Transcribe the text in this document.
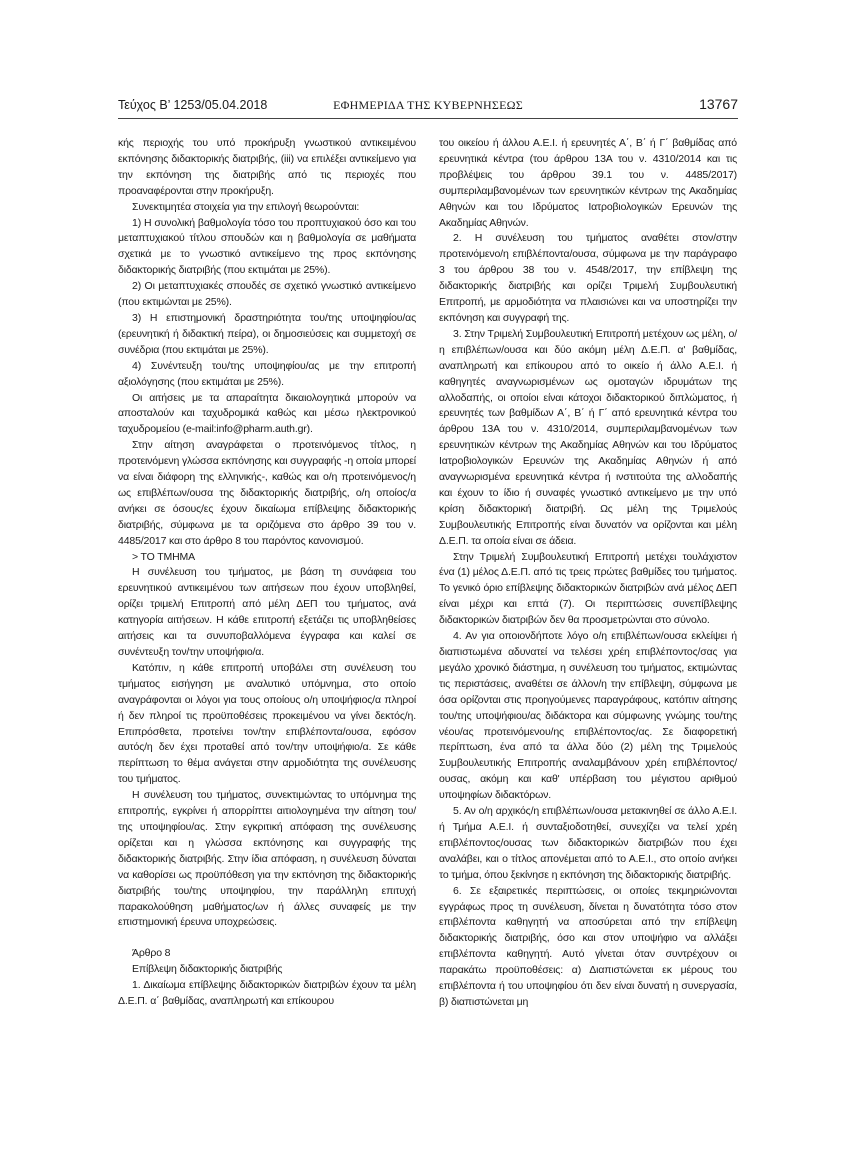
Τεύχος Β’ 1253/05.04.2018	ΕΦΗΜΕΡΙΔΑ ΤΗΣ ΚΥΒΕΡΝΗΣΕΩΣ	13767

κής περιοχής του υπό προκήρυξη γνωστικού αντικειμένου εκπόνησης διδακτορικής διατριβής, (iii) να επιλέξει αντικείμενο για την εκπόνηση της διατριβής από τις περιοχές που προαναφέρονται στην προκήρυξη.

Συνεκτιμητέα στοιχεία για την επιλογή θεωρούνται:

1) Η συνολική βαθμολογία τόσο του προπτυχιακού όσο και του μεταπτυχιακού τίτλου σπουδών και η βαθμολογία σε μαθήματα σχετικά με το γνωστικό αντικείμενο της προς εκπόνησης διδακτορικής διατριβής (που εκτιμάται με 25%).

2) Οι μεταπτυχιακές σπουδές σε σχετικό γνωστικό αντικείμενο (που εκτιμώνται με 25%).

3) Η επιστημονική δραστηριότητα του/της υποψηφίου/ας (ερευνητική ή διδακτική πείρα), οι δημοσιεύσεις και συμμετοχή σε συνέδρια (που εκτιμάται με 25%).

4) Συνέντευξη του/της υποψηφίου/ας με την επιτροπή αξιολόγησης (που εκτιμάται με 25%).

Οι αιτήσεις με τα απαραίτητα δικαιολογητικά μπορούν να αποσταλούν και ταχυδρομικά καθώς και μέσω ηλεκτρονικού ταχυδρομείου (e-mail:info@pharm.auth.gr).

Στην αίτηση αναγράφεται ο προτεινόμενος τίτλος, η προτεινόμενη γλώσσα εκπόνησης και συγγραφής -η οποία μπορεί να είναι διάφορη της ελληνικής-, καθώς και ο/η προτεινόμενος/η ως επιβλέπων/ουσα της διδακτορικής διατριβής, ο/η οποίος/α ανήκει σε όσους/ες έχουν δικαίωμα επίβλεψης διδακτορικής διατριβής, σύμφωνα με τα οριζόμενα στο άρθρο 39 του ν. 4485/2017 και στο άρθρο 8 του παρόντος κανονισμού.

> ΤΟ ΤΜΗΜΑ

Η συνέλευση του τμήματος, με βάση τη συνάφεια του ερευνητικού αντικειμένου των αιτήσεων που έχουν υποβληθεί, ορίζει τριμελή Επιτροπή από μέλη ΔΕΠ του τμήματος, ανά κατηγορία αιτήσεων. Η κάθε επιτροπή εξετάζει τις υποβληθείσες αιτήσεις και τα συνυποβαλλόμενα έγγραφα και καλεί σε συνέντευξη τον/την υποψήφιο/α.

Κατόπιν, η κάθε επιτροπή υποβάλει στη συνέλευση του τμήματος εισήγηση με αναλυτικό υπόμνημα, στο οποίο αναγράφονται οι λόγοι για τους οποίους ο/η υποψήφιος/α πληροί ή δεν πληροί τις προϋποθέσεις προκειμένου να γίνει δεκτός/η. Επιπρόσθετα, προτείνει τον/την επιβλέποντα/ουσα, εφόσον αυτός/η δεν έχει προταθεί από τον/την υποψήφιο/α. Σε κάθε περίπτωση το θέμα ανάγεται στην αρμοδιότητα της συνέλευσης του τμήματος.

Η συνέλευση του τμήματος, συνεκτιμώντας το υπόμνημα της επιτροπής, εγκρίνει ή απορρίπτει αιτιολογημένα την αίτηση του/της υποψηφίου/ας. Στην εγκριτική απόφαση της συνέλευσης ορίζεται και η γλώσσα εκπόνησης και συγγραφής της διδακτορικής διατριβής. Στην ίδια απόφαση, η συνέλευση δύναται να καθορίσει ως προϋπόθεση για την εκπόνηση της διδακτορικής διατριβής του/της υποψηφίου, την παράλληλη επιτυχή παρακολούθηση μαθήματος/ων ή άλλες συναφείς με την επιστημονική έρευνα υποχρεώσεις.

Άρθρο 8

Επίβλεψη διδακτορικής διατριβής

1. Δικαίωμα επίβλεψης διδακτορικών διατριβών έχουν τα μέλη Δ.Ε.Π. α΄ βαθμίδας, αναπληρωτή και επίκουρου

του οικείου ή άλλου Α.Ε.Ι. ή ερευνητές Α΄, Β΄ ή Γ΄ βαθμίδας από ερευνητικά κέντρα (του άρθρου 13Α του ν. 4310/2014 και τις προβλέψεις του άρθρου 39.1 του ν. 4485/2017) συμπεριλαμβανομένων των ερευνητικών κέντρων της Ακαδημίας Αθηνών και του Ιδρύματος Ιατροβιολογικών Ερευνών της Ακαδημίας Αθηνών.

2. Η συνέλευση του τμήματος αναθέτει στον/στην προτεινόμενο/η επιβλέποντα/ουσα, σύμφωνα με την παράγραφο 3 του άρθρου 38 του ν. 4548/2017, την επίβλεψη της διδακτορικής διατριβής και ορίζει Τριμελή Συμβουλευτική Επιτροπή, με αρμοδιότητα να πλαισιώνει και να υποστηρίζει την εκπόνηση και συγγραφή της.

3. Στην Τριμελή Συμβουλευτική Επιτροπή μετέχουν ως μέλη, ο/η επιβλέπων/ουσα και δύο ακόμη μέλη Δ.Ε.Π. α' βαθμίδας, αναπληρωτή και επίκουρου από το οικείο ή άλλο Α.Ε.Ι. ή καθηγητές αναγνωρισμένων ως ομοταγών ιδρυμάτων της αλλοδαπής, οι οποίοι είναι κάτοχοι διδακτορικού διπλώματος, ή ερευνητές των βαθμίδων Α΄, Β΄ ή Γ΄ από ερευνητικά κέντρα του άρθρου 13Α του ν. 4310/2014, συμπεριλαμβανομένων των ερευνητικών κέντρων της Ακαδημίας Αθηνών και του Ιδρύματος Ιατροβιολογικών Ερευνών της Ακαδημίας Αθηνών ή από αναγνωρισμένα ερευνητικά κέντρα ή ινστιτούτα της αλλοδαπής και έχουν το ίδιο ή συναφές γνωστικό αντικείμενο με την υπό κρίση διδακτορική διατριβή. Ως μέλη της Τριμελούς Συμβουλευτικής Επιτροπής είναι δυνατόν να ορίζονται και μέλη Δ.Ε.Π. τα οποία είναι σε άδεια.

Στην Τριμελή Συμβουλευτική Επιτροπή μετέχει τουλάχιστον ένα (1) μέλος Δ.Ε.Π. από τις τρεις πρώτες βαθμίδες του τμήματος. Το γενικό όριο επίβλεψης διδακτορικών διατριβών ανά μέλος ΔΕΠ είναι μέχρι και επτά (7). Οι περιπτώσεις συνεπίβλεψης διδακτορικών διατριβών δεν θα προσμετρώνται στο σύνολο.

4. Αν για οποιονδήποτε λόγο ο/η επιβλέπων/ουσα εκλείψει ή διαπιστωμένα αδυνατεί να τελέσει χρέη επιβλέποντος/σας για μεγάλο χρονικό διάστημα, η συνέλευση του τμήματος, εκτιμώντας τις περιστάσεις, αναθέτει σε άλλον/η την επίβλεψη, σύμφωνα με όσα ορίζονται στις προηγούμενες παραγράφους, κατόπιν αίτησης του/της υποψήφιου/ας διδάκτορα και σύμφωνης γνώμης του/της νέου/ας προτεινόμενου/ης επιβλέποντος/ας. Σε διαφορετική περίπτωση, ένα από τα άλλα δύο (2) μέλη της Τριμελούς Συμβουλευτικής Επιτροπής αναλαμβάνουν χρέη επιβλέποντος/ουσας, ακόμη και καθ' υπέρβαση του μέγιστου αριθμού υποψηφίων διδακτόρων.

5. Αν ο/η αρχικός/η επιβλέπων/ουσα μετακινηθεί σε άλλο Α.Ε.Ι. ή Τμήμα Α.Ε.Ι. ή συνταξιοδοτηθεί, συνεχίζει να τελεί χρέη επιβλέποντος/ουσας των διδακτορικών διατριβών που έχει αναλάβει, και ο τίτλος απονέμεται από το Α.Ε.Ι., στο οποίο ανήκει το τμήμα, όπου ξεκίνησε η εκπόνηση της διδακτορικής διατριβής.

6. Σε εξαιρετικές περιπτώσεις, οι οποίες τεκμηριώνονται εγγράφως προς τη συνέλευση, δίνεται η δυνατότητα τόσο στον επιβλέποντα καθηγητή να αποσύρεται από την επίβλεψη διδακτορικής διατριβής, όσο και στον υποψήφιο να αλλάξει επιβλέποντα καθηγητή. Αυτό γίνεται όταν συντρέχουν οι παρακάτω προϋποθέσεις: α) Διαπιστώνεται εκ μέρους του επιβλέποντα ή του υποψηφίου ότι δεν είναι δυνατή η συνεργασία, β) διαπιστώνεται μη
